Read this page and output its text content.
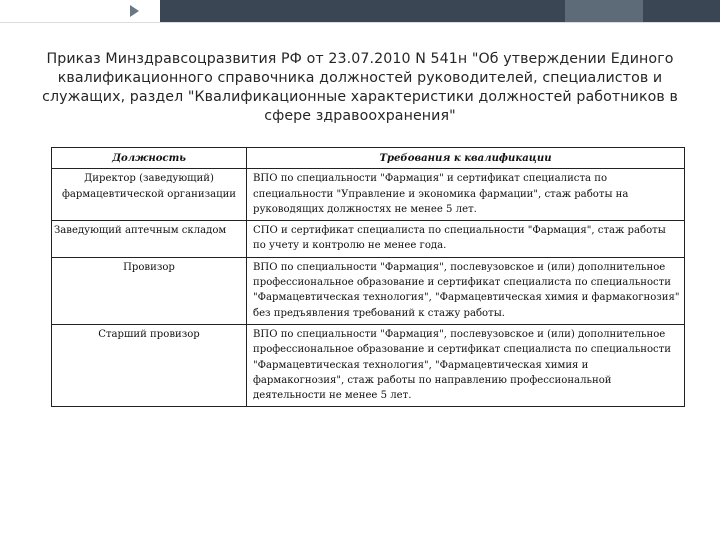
Приказ Минздравсоцразвития РФ от 23.07.2010 N 541н "Об утверждении Единого квалификационного справочника должностей руководителей, специалистов и служащих, раздел "Квалификационные характеристики должностей работников в сфере здравоохранения"
Должность	Требования к квалификации
Директор (заведующий) фармацевтической организации	ВПО по специальности "Фармация" и сертификат специалиста по специальности "Управление и экономика фармации", стаж работы на руководящих должностях не менее 5 лет.
Заведующий аптечным складом	СПО и сертификат специалиста по специальности "Фармация", стаж работы по учету и контролю не менее года.
Провизор	ВПО по специальности "Фармация", послевузовское и (или) дополнительное профессиональное образование и сертификат специалиста по специальности "Фармацевтическая технология", "Фармацевтическая химия и фармакогнозия" без предъявления требований к стажу работы.
Старший провизор	ВПО по специальности "Фармация", послевузовское и (или) дополнительное профессиональное образование и сертификат специалиста по специальности "Фармацевтическая технология", "Фармацевтическая химия и фармакогнозия", стаж работы по направлению профессиональной деятельности не менее 5 лет.
